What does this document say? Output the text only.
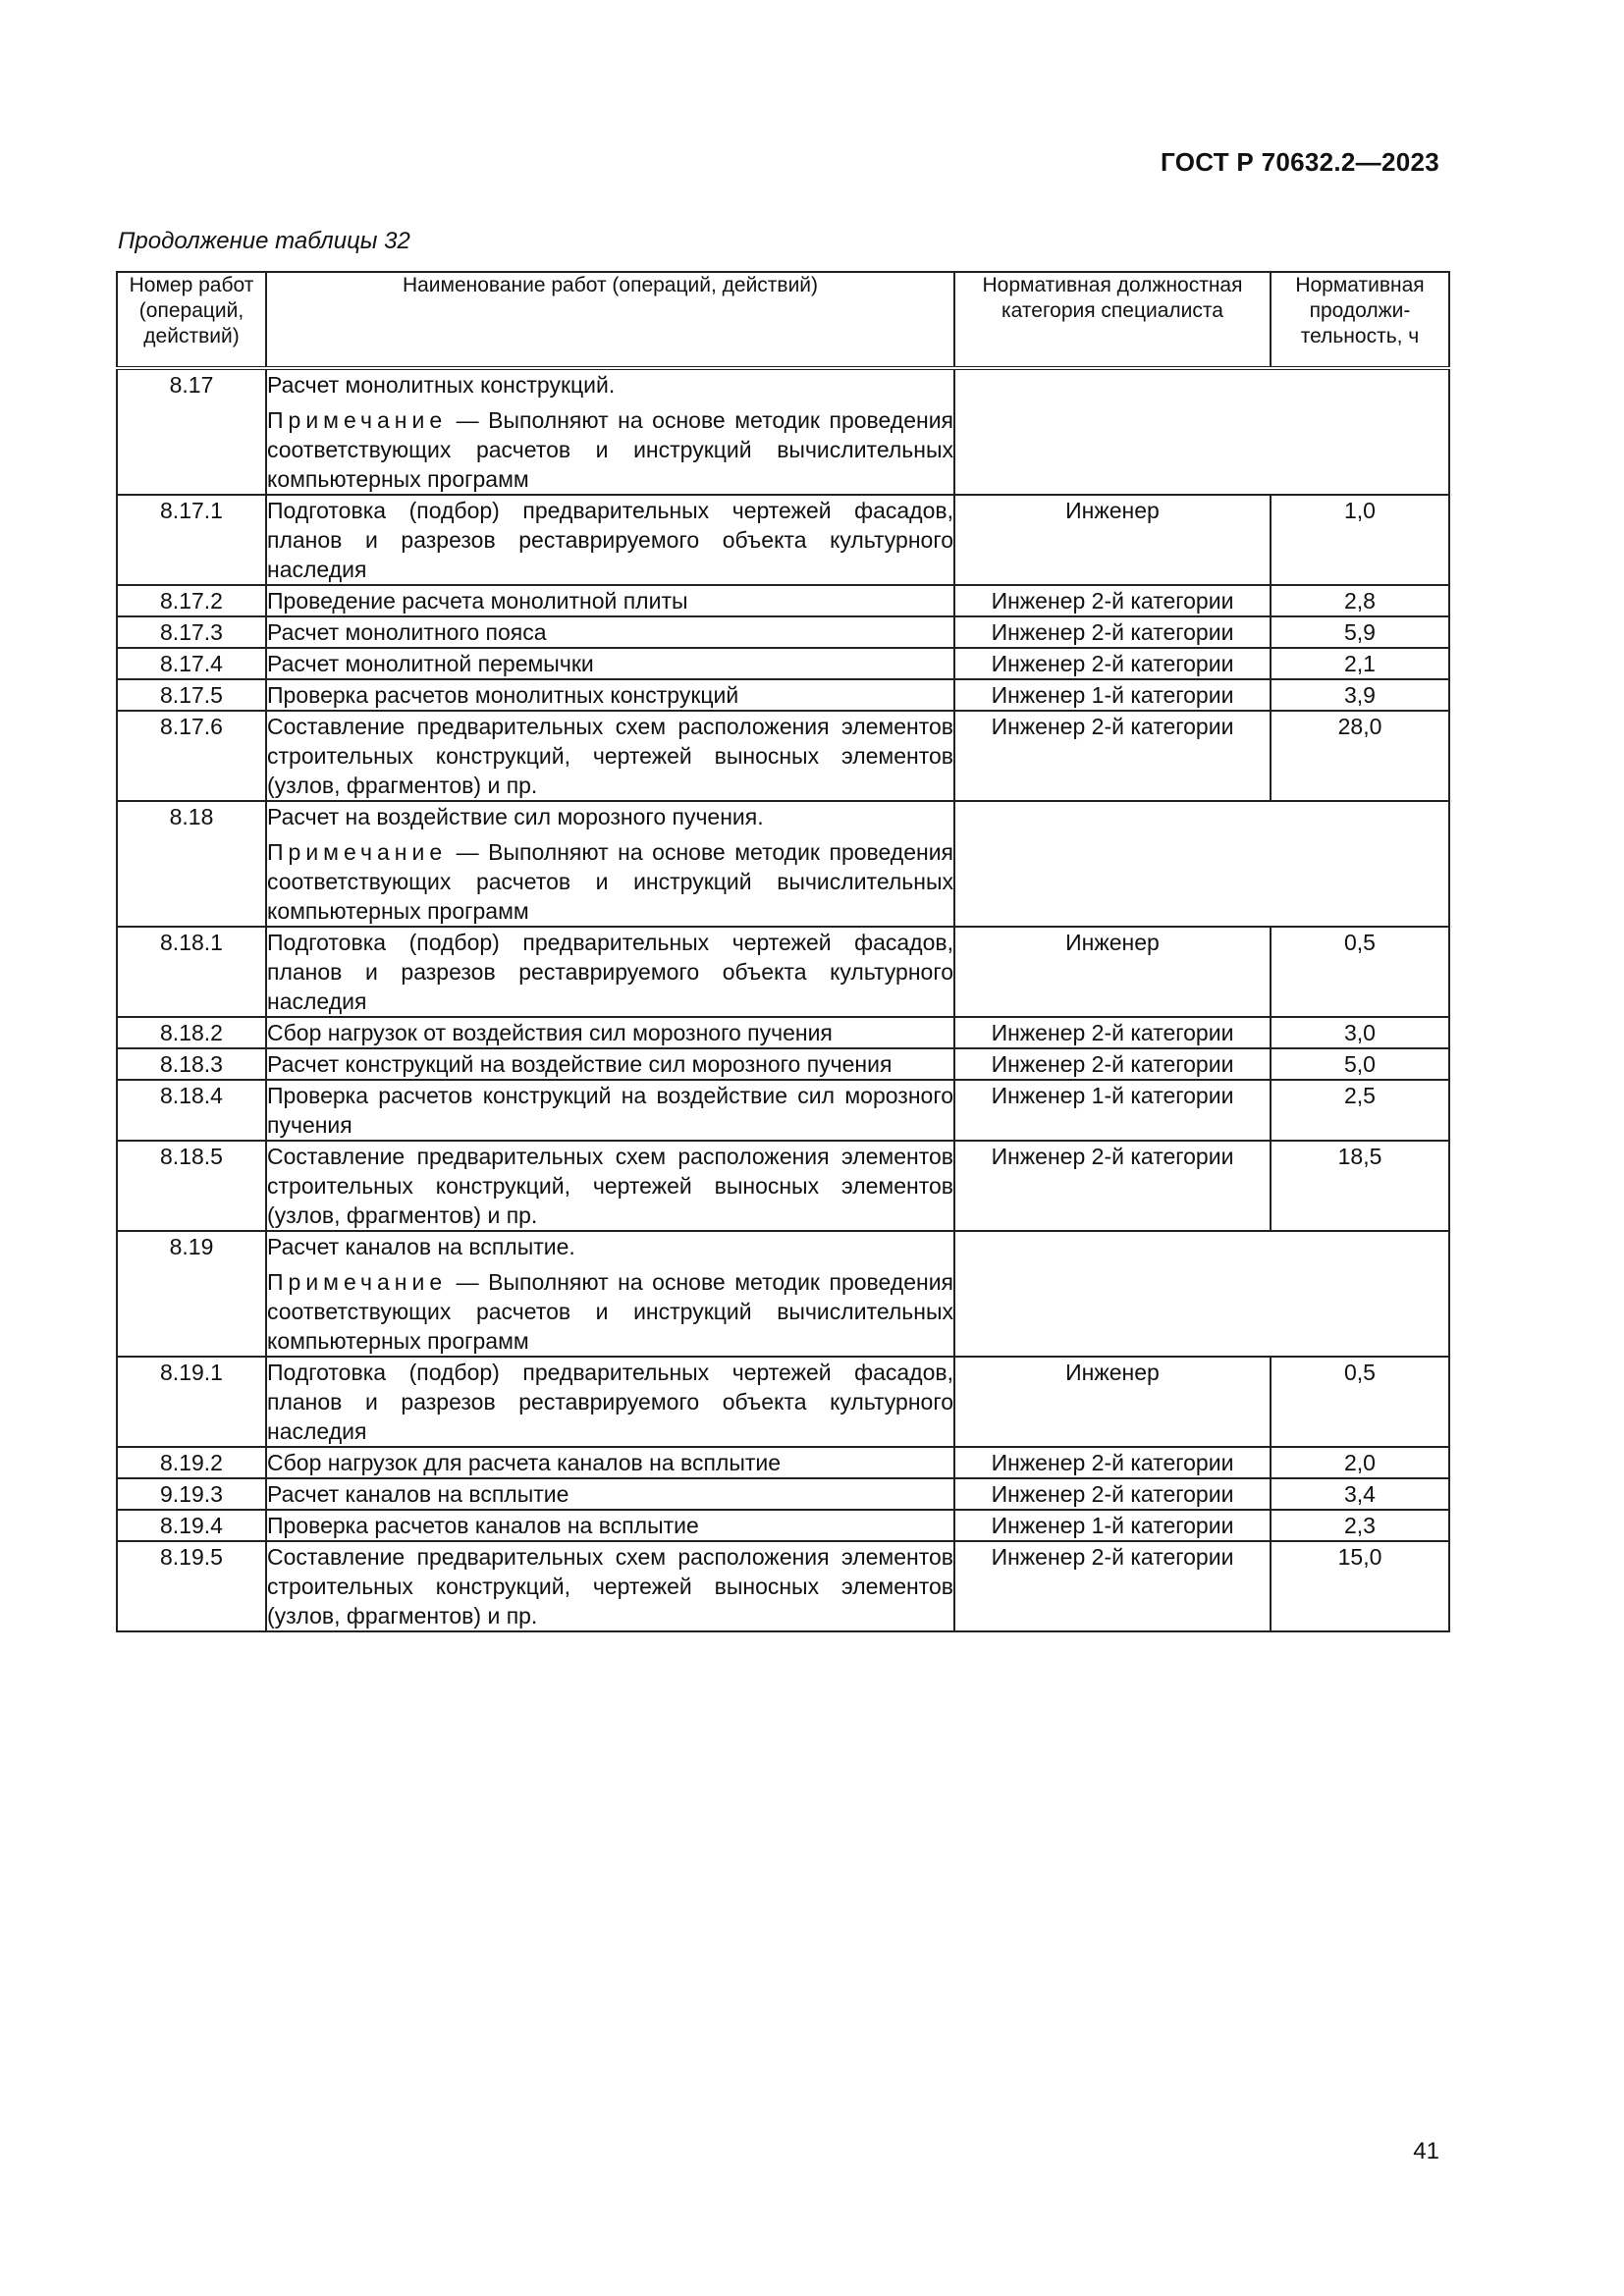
ГОСТ Р 70632.2—2023
Продолжение таблицы 32
Номер работ (операций, действий)	Наименование работ (операций, действий)	Нормативная должностная категория специалиста	Нормативная продолжительность, ч
8.17	Расчет монолитных конструкций.

Примечание — Выполняют на основе методик проведения соответствующих расчетов и инструкций вычислительных компьютерных программ		

8.17.1	Подготовка (подбор) предварительных чертежей фасадов, планов и разрезов реставрируемого объекта культурного наследия	Инженер	1,0
8.17.2	Проведение расчета монолитной плиты	Инженер 2-й категории	2,8
8.17.3	Расчет монолитного пояса	Инженер 2-й категории	5,9
8.17.4	Расчет монолитной перемычки	Инженер 2-й категории	2,1
8.17.5	Проверка расчетов монолитных конструкций	Инженер 1-й категории	3,9
8.17.6	Составление предварительных схем расположения элементов строительных конструкций, чертежей выносных элементов (узлов, фрагментов) и пр.	Инженер 2-й категории	28,0
8.18	Расчет на воздействие сил морозного пучения.

Примечание — Выполняют на основе методик проведения соответствующих расчетов и инструкций вычислительных компьютерных программ		

8.18.1	Подготовка (подбор) предварительных чертежей фасадов, планов и разрезов реставрируемого объекта культурного наследия	Инженер	0,5
8.18.2	Сбор нагрузок от воздействия сил морозного пучения	Инженер 2-й категории	3,0
8.18.3	Расчет конструкций на воздействие сил морозного пучения	Инженер 2-й категории	5,0
8.18.4	Проверка расчетов конструкций на воздействие сил морозного пучения	Инженер 1-й категории	2,5
8.18.5	Составление предварительных схем расположения элементов строительных конструкций, чертежей выносных элементов (узлов, фрагментов) и пр.	Инженер 2-й категории	18,5
8.19	Расчет каналов на всплытие.

Примечание — Выполняют на основе методик проведения соответствующих расчетов и инструкций вычислительных компьютерных программ		

8.19.1	Подготовка (подбор) предварительных чертежей фасадов, планов и разрезов реставрируемого объекта культурного наследия	Инженер	0,5
8.19.2	Сбор нагрузок для расчета каналов на всплытие	Инженер 2-й категории	2,0
9.19.3	Расчет каналов на всплытие	Инженер 2-й категории	3,4
8.19.4	Проверка расчетов каналов на всплытие	Инженер 1-й категории	2,3
8.19.5	Составление предварительных схем расположения элементов строительных конструкций, чертежей выносных элементов (узлов, фрагментов) и пр.	Инженер 2-й категории	15,0
41
